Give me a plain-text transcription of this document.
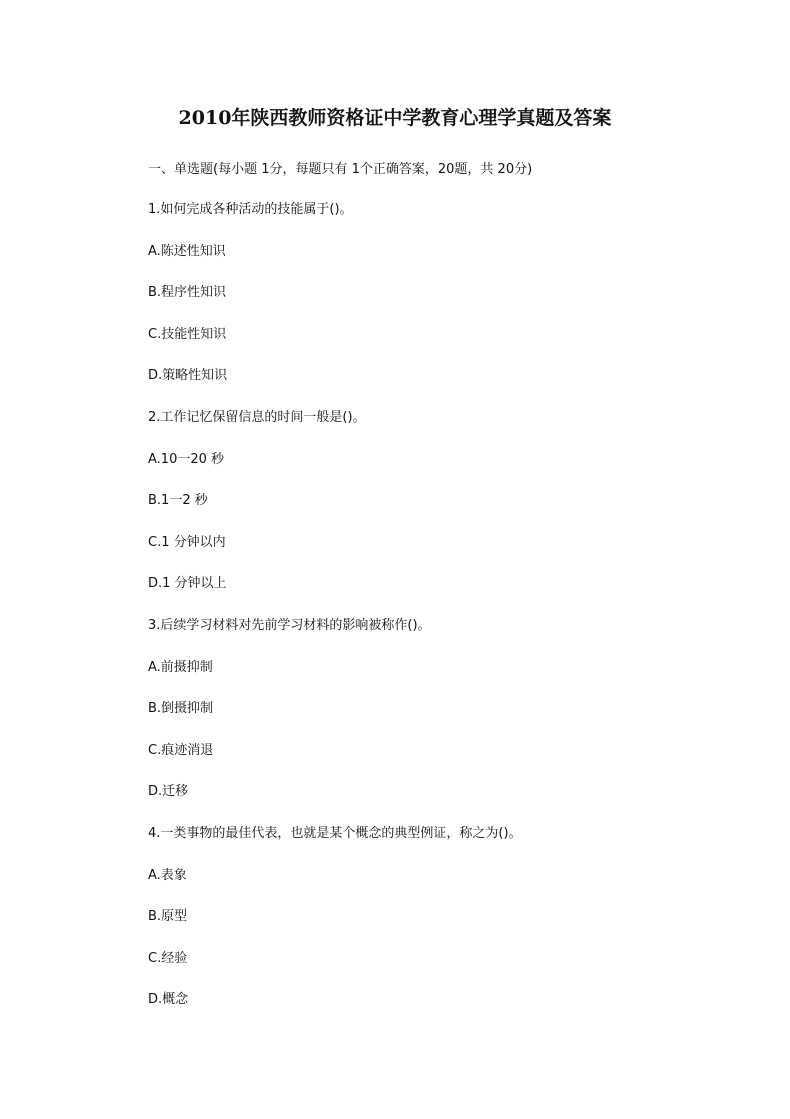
2010年陕西教师资格证中学教育心理学真题及答案
一、单选题(每小题 1分，每题只有 1个正确答案，20题，共 20分)
1.如何完成各种活动的技能属于()。
A.陈述性知识
B.程序性知识
C.技能性知识
D.策略性知识
2.工作记忆保留信息的时间一般是()。
A.10一20 秒
B.1一2 秒
C.1 分钟以内
D.1 分钟以上
3.后续学习材料对先前学习材料的影响被称作()。
A.前摄抑制
B.倒摄抑制
C.痕迹消退
D.迁移
4.一类事物的最佳代表，也就是某个概念的典型例证，称之为()。
A.表象
B.原型
C.经验
D.概念
